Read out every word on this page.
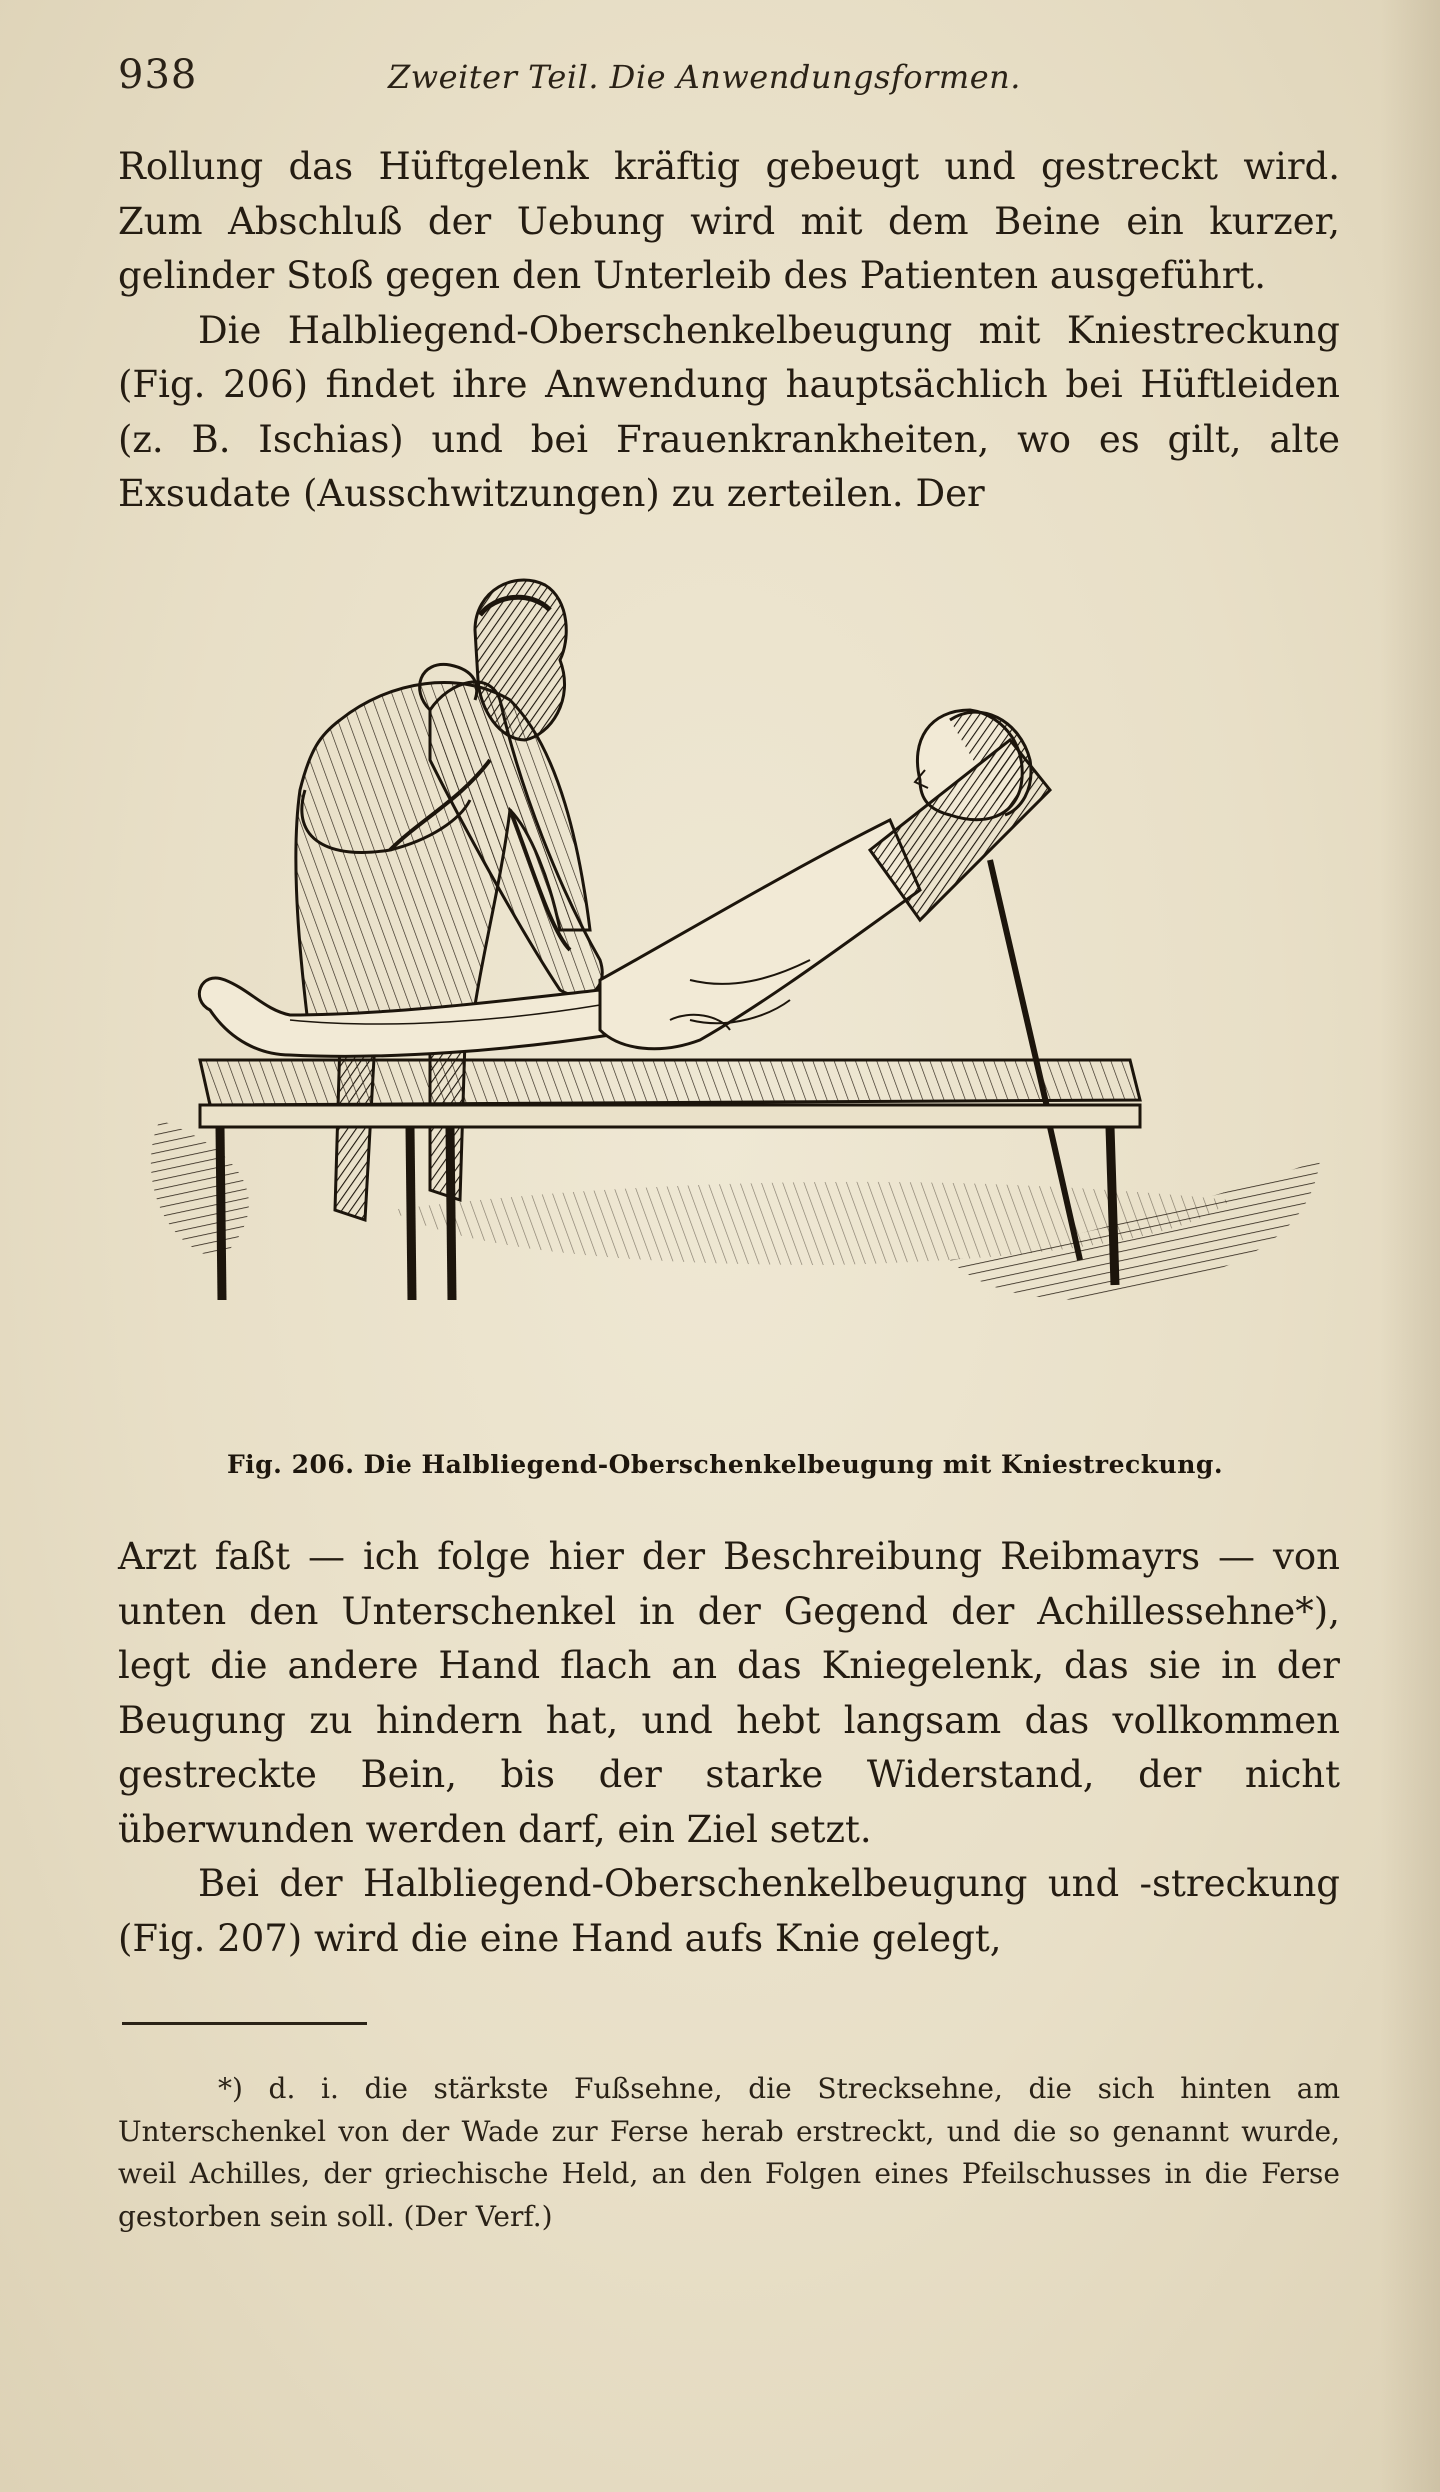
938	Zweiter Teil. Die Anwendungsformen.

Rollung das Hüftgelenk kräftig gebeugt und gestreckt wird. Zum Abschluß der Uebung wird mit dem Beine ein kurzer, gelinder Stoß gegen den Unterleib des Patienten ausgeführt.

Die Halbliegend-Oberschenkelbeugung mit Kniestreckung (Fig. 206) findet ihre Anwendung hauptsächlich bei Hüftleiden (z. B. Ischias) und bei Frauenkrankheiten, wo es gilt, alte Exsudate (Ausschwitzungen) zu zerteilen. Der

Fig. 206. Die Halbliegend-Oberschenkelbeugung mit Kniestreckung.

Arzt faßt — ich folge hier der Beschreibung Reibmayrs — von unten den Unterschenkel in der Gegend der Achillessehne*), legt die andere Hand flach an das Kniegelenk, das sie in der Beugung zu hindern hat, und hebt langsam das vollkommen gestreckte Bein, bis der starke Widerstand, der nicht überwunden werden darf, ein Ziel setzt.

Bei der Halbliegend-Oberschenkelbeugung und -streckung (Fig. 207) wird die eine Hand aufs Knie gelegt,

*) d. i. die stärkste Fußsehne, die Strecksehne, die sich hinten am Unterschenkel von der Wade zur Ferse herab erstreckt, und die so genannt wurde, weil Achilles, der griechische Held, an den Folgen eines Pfeilschusses in die Ferse gestorben sein soll. (Der Verf.)
